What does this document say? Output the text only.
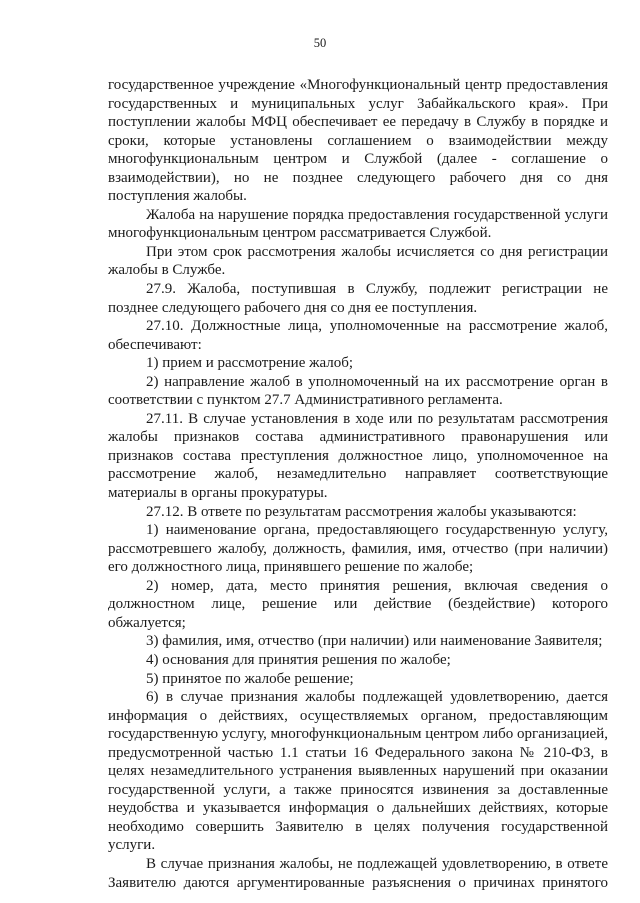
50

государственное учреждение «Многофункциональный центр предоставления государственных и муниципальных услуг Забайкальского края». При поступлении жалобы МФЦ обеспечивает ее передачу в Службу в порядке и сроки, которые установлены соглашением о взаимодействии между многофункциональным центром и Службой (далее - соглашение о взаимодействии), но не позднее следующего рабочего дня со дня поступления жалобы.

Жалоба на нарушение порядка предоставления государственной услуги многофункциональным центром рассматривается Службой.

При этом срок рассмотрения жалобы исчисляется со дня регистрации жалобы в Службе.

27.9. Жалоба, поступившая в Службу, подлежит регистрации не позднее следующего рабочего дня со дня ее поступления.

27.10. Должностные лица, уполномоченные на рассмотрение жалоб, обеспечивают:

1) прием и рассмотрение жалоб;

2) направление жалоб в уполномоченный на их рассмотрение орган в соответствии с пунктом 27.7 Административного регламента.

27.11. В случае установления в ходе или по результатам рассмотрения жалобы признаков состава административного правонарушения или признаков состава преступления должностное лицо, уполномоченное на рассмотрение жалоб, незамедлительно направляет соответствующие материалы в органы прокуратуры.

27.12. В ответе по результатам рассмотрения жалобы указываются:

1) наименование органа, предоставляющего государственную услугу, рассмотревшего жалобу, должность, фамилия, имя, отчество (при наличии) его должностного лица, принявшего решение по жалобе;

2) номер, дата, место принятия решения, включая сведения о должностном лице, решение или действие (бездействие) которого обжалуется;

3) фамилия, имя, отчество (при наличии) или наименование Заявителя;

4) основания для принятия решения по жалобе;

5) принятое по жалобе решение;

6) в случае признания жалобы подлежащей удовлетворению, дается информация о действиях, осуществляемых органом, предоставляющим государственную услугу, многофункциональным центром либо организацией, предусмотренной частью 1.1 статьи 16 Федерального закона № 210-ФЗ, в целях незамедлительного устранения выявленных нарушений при оказании государственной услуги, а также приносятся извинения за доставленные неудобства и указывается информация о дальнейших действиях, которые необходимо совершить Заявителю в целях получения государственной услуги.

В случае признания жалобы, не подлежащей удовлетворению, в ответе Заявителю даются аргументированные разъяснения о причинах принятого
